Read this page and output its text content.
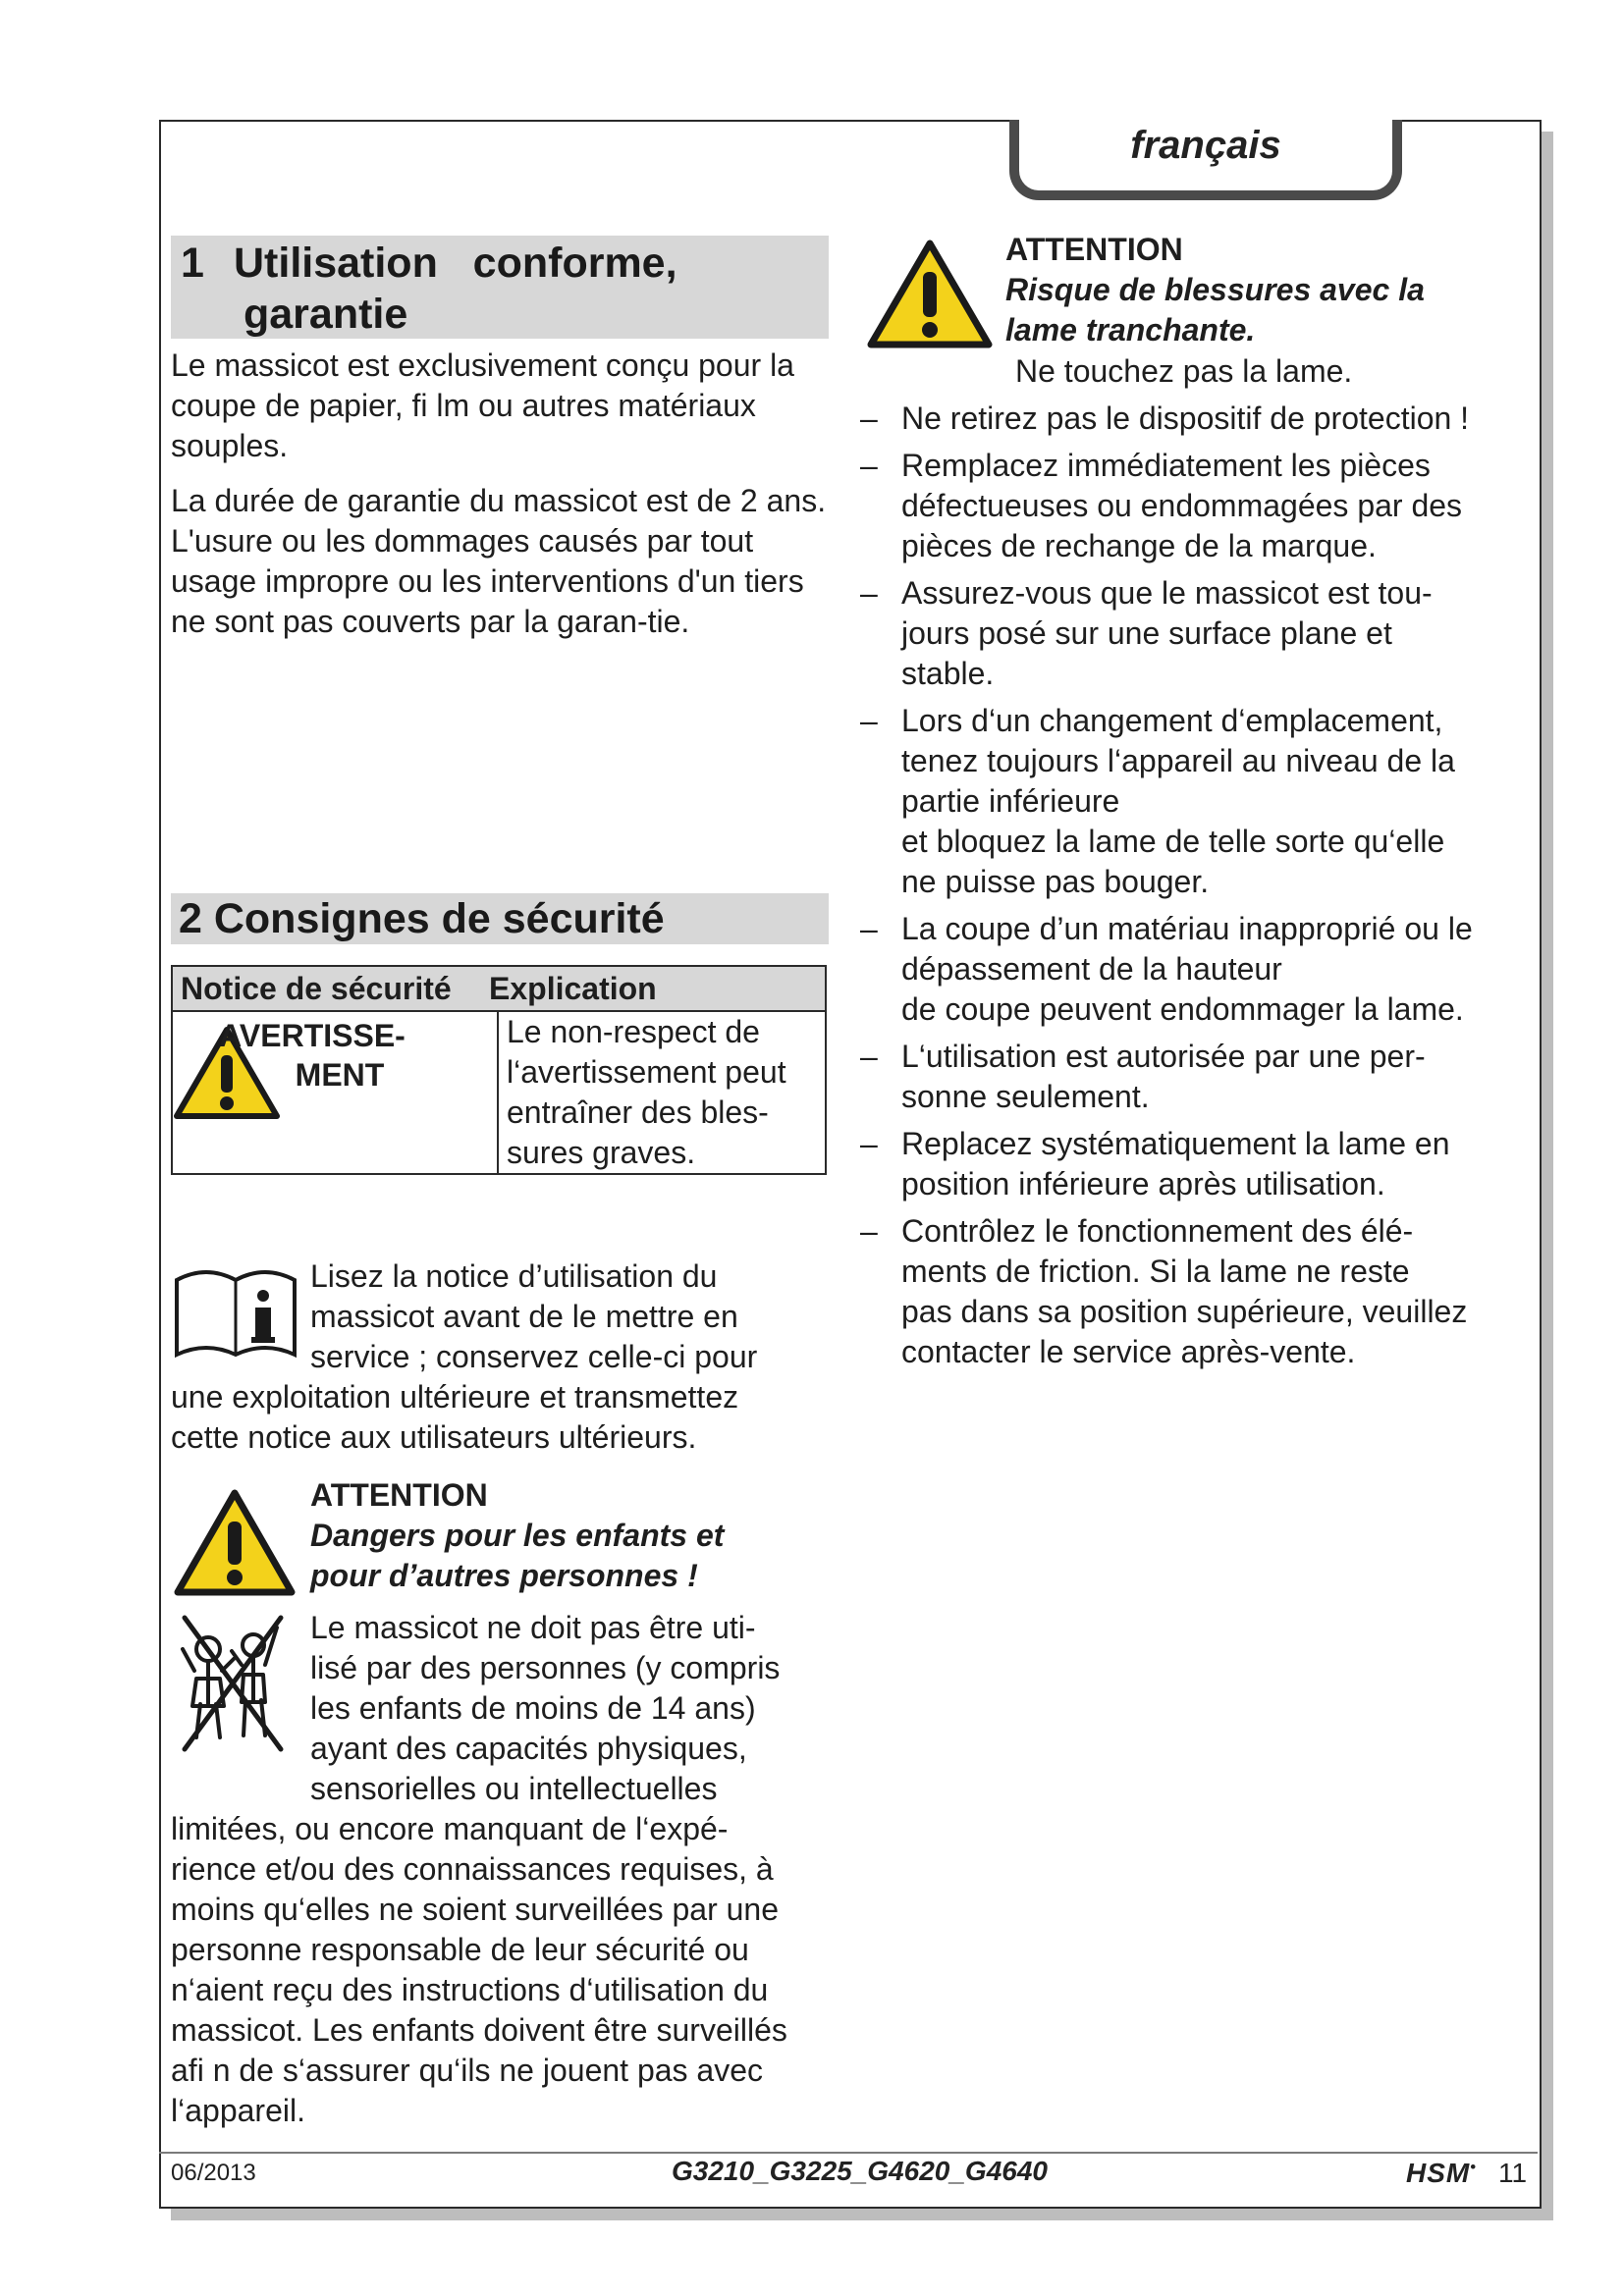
français
1 Utilisation   conforme,
garantie

Le massicot est exclusivement conçu pour la coupe de papier, fi lm ou autres matériaux souples.

La durée de garantie du massicot est de 2 ans. L'usure ou les dommages causés par tout usage impropre ou les interventions d'un tiers ne sont pas couverts par la garan-tie.

2 Consignes de sécurité
Notice de sécurité Explication
AVERTISSE-
MENT
Le non-respect de
l‘avertissement peut
entraîner des bles-
sures graves.
Lisez la notice d’utilisation du
massicot avant de le mettre en
service ; conservez celle-ci pour
une exploitation ultérieure et transmettez
cette notice aux utilisateurs ultérieurs.
ATTENTION
Dangers pour les enfants et
pour d’autres personnes !
Le massicot ne doit pas être uti-
lisé par des personnes (y compris
les enfants de moins de 14 ans)
ayant des capacités physiques,
sensorielles ou intellectuelles
limitées, ou encore manquant de l‘expé-
rience et/ou des connaissances requises, à
moins qu‘elles ne soient surveillées par une
personne responsable de leur sécurité ou
n‘aient reçu des instructions d‘utilisation du
massicot. Les enfants doivent être surveillés
afi n de s‘assurer qu‘ils ne jouent pas avec
l‘appareil.
ATTENTION
Risque de blessures avec la
lame tranchante.
Ne touchez pas la lame.
– Ne retirez pas le dispositif de protection !
– Remplacez immédiatement les pièces
défectueuses ou endommagées par des
pièces de rechange de la marque.
– Assurez-vous que le massicot est tou-
jours posé sur une surface plane et
stable.
– Lors d‘un changement d‘emplacement,
tenez toujours l‘appareil au niveau de la
partie inférieure
et bloquez la lame de telle sorte qu‘elle
ne puisse pas bouger.
– La coupe d’un matériau inapproprié ou le
dépassement de la hauteur
de coupe peuvent endommager la lame.
– L‘utilisation est autorisée par une per-
sonne seulement.
– Replacez systématiquement la lame en
position inférieure après utilisation.
– Contrôlez le fonctionnement des élé-
ments de friction. Si la lame ne reste
pas dans sa position supérieure, veuillez
contacter le service après-vente.
06/2013	G3210_G3225_G4620_G4640	HSM• 11
